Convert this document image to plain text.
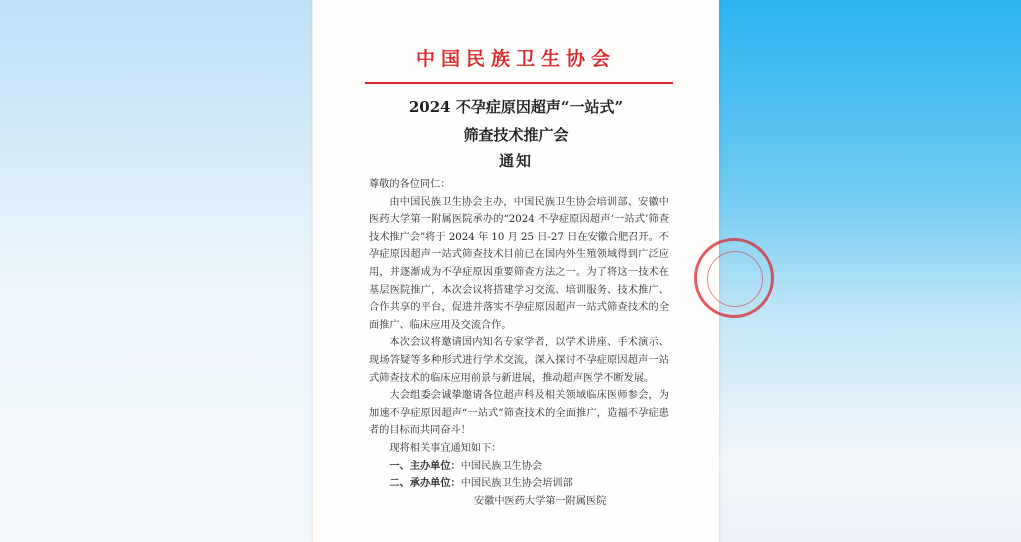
中国民族卫生协会
2024 不孕症原因超声“一站式”
筛查技术推广会
通知

尊敬的各位同仁：

由中国民族卫生协会主办，中国民族卫生协会培训部、安徽中医药大学第一附属医院承办的“2024 不孕症原因超声‘一站式’筛查技术推广会”将于 2024 年 10 月 25 日-27 日在安徽合肥召开。不孕症原因超声一站式筛查技术目前已在国内外生殖领域得到广泛应用，并逐渐成为不孕症原因重要筛查方法之一。为了将这一技术在基层医院推广，本次会议将搭建学习交流、培训服务、技术推广、合作共享的平台，促进并落实不孕症原因超声一站式筛查技术的全面推广、临床应用及交流合作。

本次会议将邀请国内知名专家学者，以学术讲座、手术演示、现场答疑等多种形式进行学术交流，深入探讨不孕症原因超声一站式筛查技术的临床应用前景与新进展，推动超声医学不断发展。

大会组委会诚挚邀请各位超声科及相关领域临床医师参会，为加速不孕症原因超声“一站式”筛查技术的全面推广，造福不孕症患者的目标而共同奋斗！

现将相关事宜通知如下：

一、主办单位：中国民族卫生协会

二、承办单位：中国民族卫生协会培训部

安徽中医药大学第一附属医院
